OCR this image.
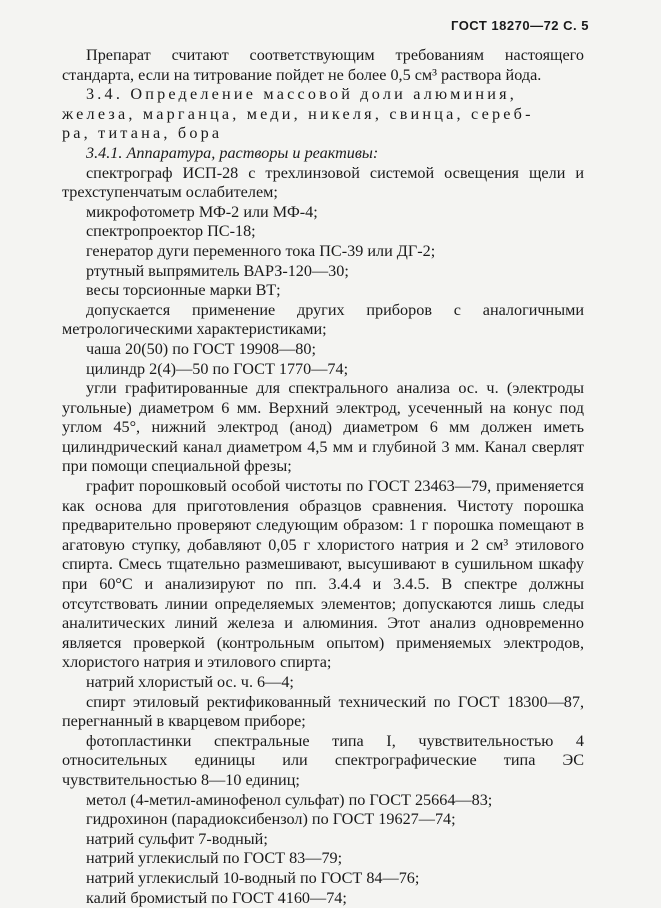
ГОСТ 18270—72 С. 5

Препарат считают соответствующим требованиям настоящего стандарта, если на титрование пойдет не более 0,5 см³ раствора йода.

3.4. Определение массовой доли алюминия,

железа, марганца, меди, никеля, свинца, сереб-

ра, титана, бора

3.4.1. Аппаратура, растворы и реактивы:

спектрограф ИСП-28 с трехлинзовой системой освещения щели и трехступенчатым ослабителем;

микрофотометр МФ-2 или МФ-4;

спектропроектор ПС-18;

генератор дуги переменного тока ПС-39 или ДГ-2;

ртутный выпрямитель ВАРЗ-120—30;

весы торсионные марки ВТ;

допускается применение других приборов с аналогичными метрологическими характеристиками;

чаша 20(50) по ГОСТ 19908—80;

цилиндр 2(4)—50 по ГОСТ 1770—74;

угли графитированные для спектрального анализа ос. ч. (электроды угольные) диаметром 6 мм. Верхний электрод, усеченный на конус под углом 45°, нижний электрод (анод) диаметром 6 мм должен иметь цилиндрический канал диаметром 4,5 мм и глубиной 3 мм. Канал сверлят при помощи специальной фрезы;

графит порошковый особой чистоты по ГОСТ 23463—79, применяется как основа для приготовления образцов сравнения. Чистоту порошка предварительно проверяют следующим образом: 1 г порошка помещают в агатовую ступку, добавляют 0,05 г хлористого натрия и 2 см³ этилового спирта. Смесь тщательно размешивают, высушивают в сушильном шкафу при 60°С и анализируют по пп. 3.4.4 и 3.4.5. В спектре должны отсутствовать линии определяемых элементов; допускаются лишь следы аналитических линий железа и алюминия. Этот анализ одновременно является проверкой (контрольным опытом) применяемых электродов, хлористого натрия и этилового спирта;

натрий хлористый ос. ч. 6—4;

спирт этиловый ректификованный технический по ГОСТ 18300—87, перегнанный в кварцевом приборе;

фотопластинки спектральные типа I, чувствительностью 4 относительных единицы или спектрографические типа ЭС чувствительностью 8—10 единиц;

метол (4-метил-аминофенол сульфат) по ГОСТ 25664—83;

гидрохинон (парадиоксибензол) по ГОСТ 19627—74;

натрий сульфит 7-водный;

натрий углекислый по ГОСТ 83—79;

натрий углекислый 10-водный по ГОСТ 84—76;

калий бромистый по ГОСТ 4160—74;
